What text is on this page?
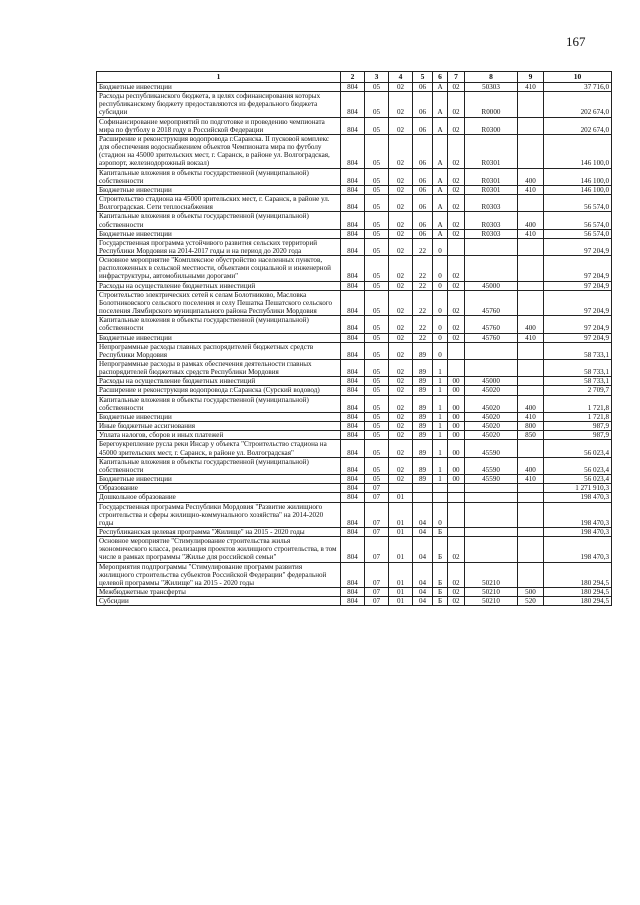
167
1	2	3	4	5	6	7	8	9	10
Бюджетные инвестиции	804	05	02	06	А	02	50303	410	37 716,0
Расходы республиканского бюджета, в целях софинансирования которых республиканскому бюджету предоставляются из федерального бюджета субсидии	804	05	02	06	А	02	R0000		202 674,0
Софинансирование мероприятий по подготовке и проведению чемпионата мира по футболу в 2018 году в Российской Федерации	804	05	02	06	А	02	R0300		202 674,0
Расширение и реконструкция водопровода г.Саранска. II пусковой комплекс для обеспечения водоснабжением объектов Чемпионата мира по футболу (стадион на 45000 зрительских мест, г. Саранск, в районе ул. Волгоградская, аэропорт, железнодорожный вокзал)	804	05	02	06	А	02	R0301		146 100,0
Капитальные вложения в объекты государственной (муниципальной) собственности	804	05	02	06	А	02	R0301	400	146 100,0
Бюджетные инвестиции	804	05	02	06	А	02	R0301	410	146 100,0
Строительство стадиона на 45000 зрительских мест, г. Саранск, в районе ул. Волгоградская. Сети теплоснабжения	804	05	02	06	А	02	R0303		56 574,0
Капитальные вложения в объекты государственной (муниципальной) собственности	804	05	02	06	А	02	R0303	400	56 574,0
Бюджетные инвестиции	804	05	02	06	А	02	R0303	410	56 574,0
Государственная программа устойчивого развития сельских территорий Республики Мордовия на 2014-2017 годы и на период до 2020 года	804	05	02	22	0				97 204,9
Основное мероприятие "Комплексное обустройство населенных пунктов, расположенных в сельской местности, объектами социальной и инженерной инфраструктуры, автомобильными дорогами"	804	05	02	22	0	02			97 204,9
Расходы на осуществление бюджетных инвестиций	804	05	02	22	0	02	45000		97 204,9
Строительство электрических сетей к селам Болотниково, Масловка Болотниковского сельского поселения и селу Пешатка Пешатского сельского поселения Лямбирского муниципального района Республики Мордовия	804	05	02	22	0	02	45760		97 204,9
Капитальные вложения в объекты государственной (муниципальной) собственности	804	05	02	22	0	02	45760	400	97 204,9
Бюджетные инвестиции	804	05	02	22	0	02	45760	410	97 204,9
Непрограммные расходы главных распорядителей бюджетных средств Республики Мордовия	804	05	02	89	0				58 733,1
Непрограммные расходы в рамках обеспечения деятельности главных распорядителей бюджетных средств Республики Мордовия	804	05	02	89	1				58 733,1
Расходы на осуществление бюджетных инвестиций	804	05	02	89	1	00	45000		58 733,1
Расширение и реконструкция водопровода г.Саранска (Сурский водовод)	804	05	02	89	1	00	45020		2 709,7
Капитальные вложения в объекты государственной (муниципальной) собственности	804	05	02	89	1	00	45020	400	1 721,8
Бюджетные инвестиции	804	05	02	89	1	00	45020	410	1 721,8
Иные бюджетные ассигнования	804	05	02	89	1	00	45020	800	987,9
Уплата налогов, сборов и иных платежей	804	05	02	89	1	00	45020	850	987,9
Берегоукрепление русла реки Инсар у объекта "Строительство стадиона на 45000 зрительских мест, г. Саранск, в районе ул. Волгоградская"	804	05	02	89	1	00	45590		56 023,4
Капитальные вложения в объекты государственной (муниципальной) собственности	804	05	02	89	1	00	45590	400	56 023,4
Бюджетные инвестиции	804	05	02	89	1	00	45590	410	56 023,4
Образование	804	07							1 271 910,3
Дошкольное образование	804	07	01						198 470,3
Государственная программа Республики Мордовия "Развитие жилищного строительства и сферы жилищно-коммунального хозяйства" на 2014-2020 годы	804	07	01	04	0				198 470,3
Республиканская целевая программа "Жилище" на 2015 - 2020 годы	804	07	01	04	Б				198 470,3
Основное мероприятие "Стимулирование строительства жилья экономического класса, реализация проектов жилищного строительства, в том числе в рамках программы "Жилье для российской семьи"	804	07	01	04	Б	02			198 470,3
Мероприятия подпрограммы "Стимулирование программ развития жилищного строительства субъектов Российской Федерации" федеральной целевой программы "Жилище" на 2015 - 2020 годы	804	07	01	04	Б	02	50210		180 294,5
Межбюджетные трансферты	804	07	01	04	Б	02	50210	500	180 294,5
Субсидии	804	07	01	04	Б	02	50210	520	180 294,5
